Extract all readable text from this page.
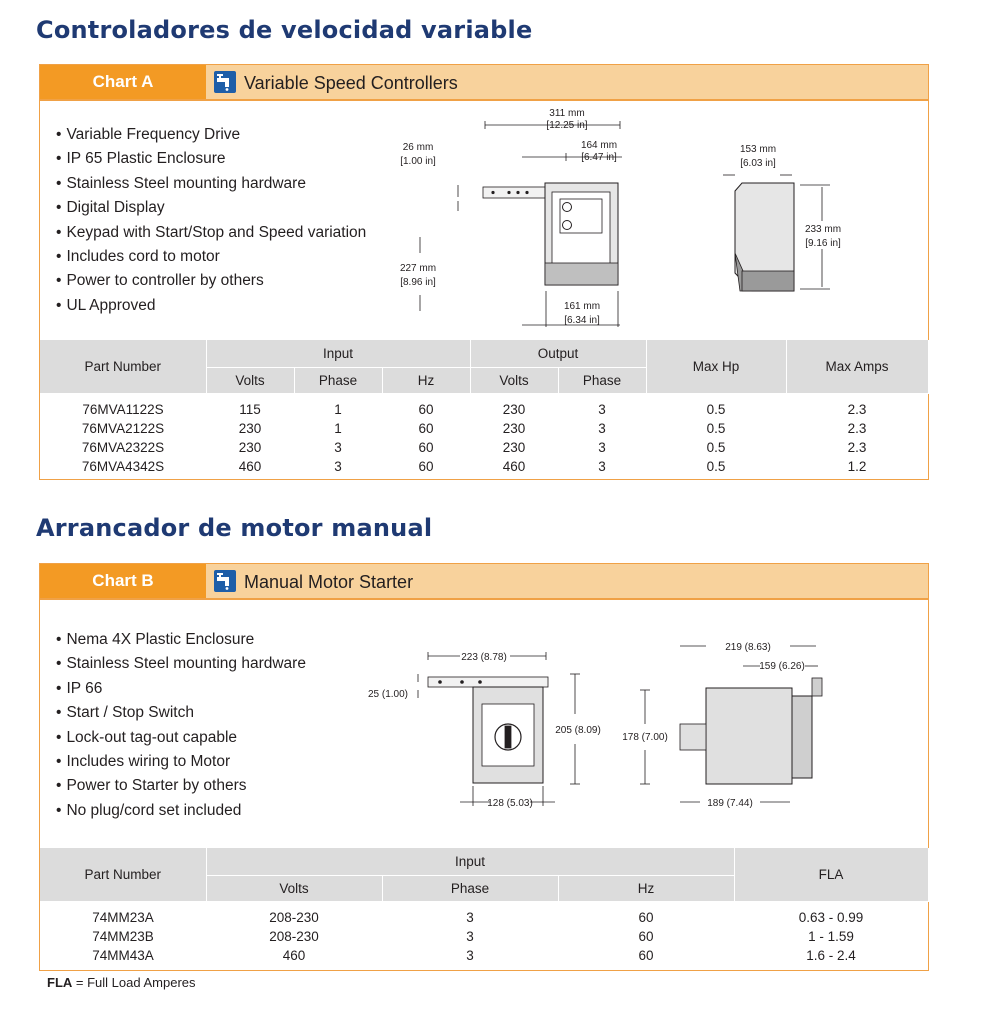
Controladores de velocidad variable
Chart A	Variable Speed Controllers
• Variable Frequency Drive
• IP 65 Plastic Enclosure
• Stainless Steel mounting hardware
• Digital Display
• Keypad with Start/Stop and Speed variation
• Includes cord to motor
• Power to controller by others
• UL Approved
311 mm
[12.25 in]
164 mm
[6.47 in]
26 mm
[1.00 in]
227 mm
[8.96 in]
161 mm
[6.34 in]
153 mm
[6.03 in]
233 mm
[9.16 in]
Part Number	Input			Output		Max Hp	Max Amps
	Volts	Phase	Hz	Volts	Phase		
76MVA1122S	115	1	60	230	3	0.5	2.3
76MVA2122S	230	1	60	230	3	0.5	2.3
76MVA2322S	230	3	60	230	3	0.5	2.3
76MVA4342S	460	3	60	460	3	0.5	1.2
Arrancador de motor manual
Chart B	Manual Motor Starter
• Nema 4X Plastic Enclosure
• Stainless Steel mounting hardware
• IP 66
• Start / Stop Switch
• Lock-out tag-out capable
• Includes wiring to Motor
• Power to Starter by others
• No plug/cord set included
223 (8.78)
25 (1.00)
205 (8.09)
128 (5.03)
219 (8.63)
159 (6.26)
178 (7.00)
189 (7.44)
Part Number	Input			FLA
	Volts	Phase	Hz	
74MM23A	208-230	3	60	0.63 - 0.99
74MM23B	208-230	3	60	1 - 1.59
74MM43A	460	3	60	1.6 - 2.4
FLA = Full Load Amperes
